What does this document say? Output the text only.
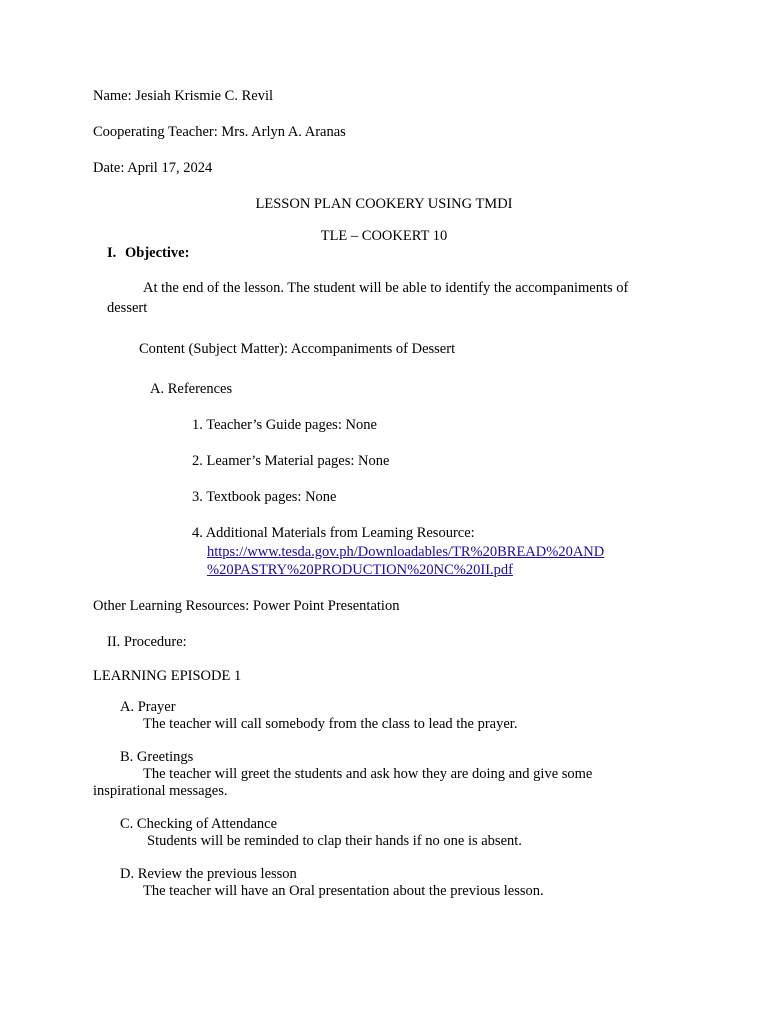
Name: Jesiah Krismie C. Revil
Cooperating Teacher: Mrs. Arlyn A. Aranas
Date: April 17, 2024
LESSON PLAN COOKERY USING TMDI
TLE – COOKERT 10
I. Objective:
At the end of the lesson. The student will be able to identify the accompaniments of
dessert
Content (Subject Matter): Accompaniments of Dessert
A. References
1. Teacher’s Guide pages: None
2. Leamer’s Material pages: None
3. Textbook pages: None
4. Additional Materials from Leaming Resource:
https://www.tesda.gov.ph/Downloadables/TR%20BREAD%20AND
%20PASTRY%20PRODUCTION%20NC%20II.pdf
Other Learning Resources: Power Point Presentation
II. Procedure:
LEARNING EPISODE 1
A. Prayer
The teacher will call somebody from the class to lead the prayer.
B. Greetings
The teacher will greet the students and ask how they are doing and give some
inspirational messages.
C. Checking of Attendance
Students will be reminded to clap their hands if no one is absent.
D. Review the previous lesson
The teacher will have an Oral presentation about the previous lesson.
